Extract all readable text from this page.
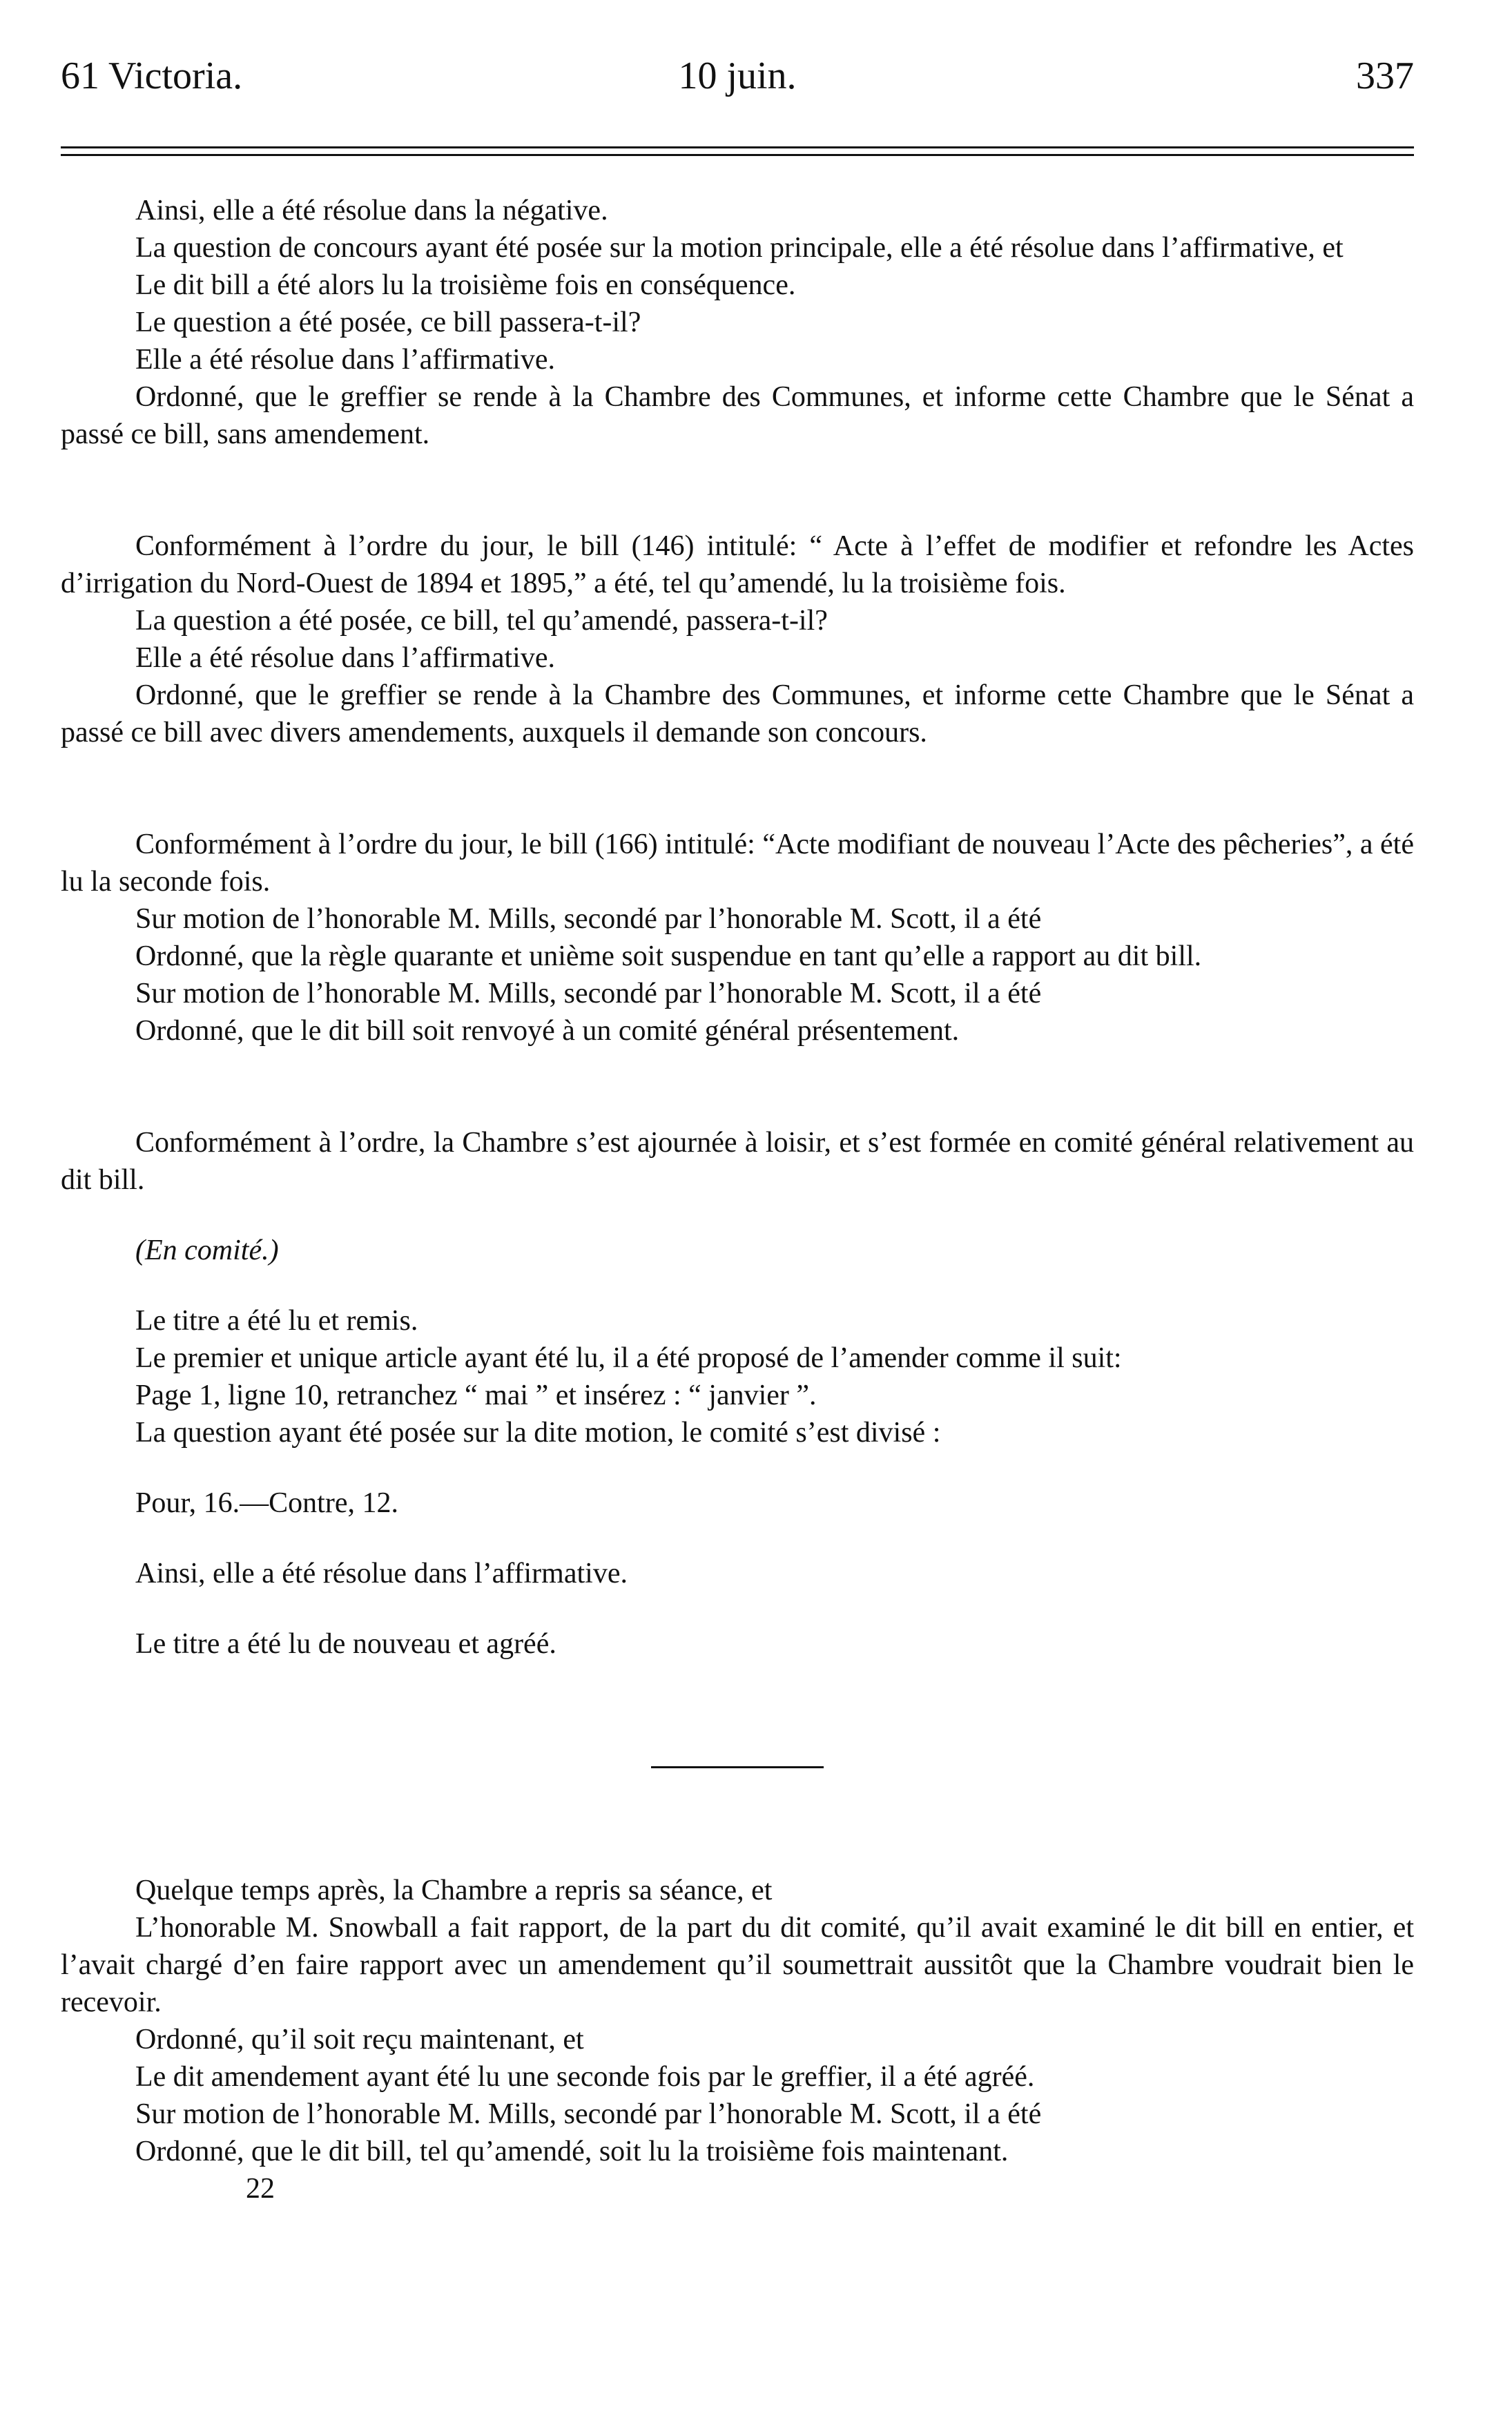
61 Victoria.	10 juin.	337

Ainsi, elle a été résolue dans la négative.

La question de concours ayant été posée sur la motion principale, elle a été résolue dans l’affirmative, et

Le dit bill a été alors lu la troisième fois en conséquence.

Le question a été posée, ce bill passera-t-il?

Elle a été résolue dans l’affirmative.

Ordonné, que le greffier se rende à la Chambre des Communes, et informe cette Chambre que le Sénat a passé ce bill, sans amendement.

Conformément à l’ordre du jour, le bill (146) intitulé: “ Acte à l’effet de modifier et refondre les Actes d’irrigation du Nord-Ouest de 1894 et 1895,” a été, tel qu’amendé, lu la troisième fois.

La question a été posée, ce bill, tel qu’amendé, passera-t-il?

Elle a été résolue dans l’affirmative.

Ordonné, que le greffier se rende à la Chambre des Communes, et informe cette Chambre que le Sénat a passé ce bill avec divers amendements, auxquels il demande son concours.

Conformément à l’ordre du jour, le bill (166) intitulé: “Acte modifiant de nouveau l’Acte des pêcheries”, a été lu la seconde fois.

Sur motion de l’honorable M. Mills, secondé par l’honorable M. Scott, il a été

Ordonné, que la règle quarante et unième soit suspendue en tant qu’elle a rapport au dit bill.

Sur motion de l’honorable M. Mills, secondé par l’honorable M. Scott, il a été

Ordonné, que le dit bill soit renvoyé à un comité général présentement.

Conformément à l’ordre, la Chambre s’est ajournée à loisir, et s’est formée en comité général relativement au dit bill.

(En comité.)

Le titre a été lu et remis.

Le premier et unique article ayant été lu, il a été proposé de l’amender comme il suit:

Page 1, ligne 10, retranchez “ mai ” et insérez : “ janvier ”.

La question ayant été posée sur la dite motion, le comité s’est divisé :

Pour, 16.—Contre, 12.

Ainsi, elle a été résolue dans l’affirmative.

Le titre a été lu de nouveau et agréé.

Quelque temps après, la Chambre a repris sa séance, et

L’honorable M. Snowball a fait rapport, de la part du dit comité, qu’il avait examiné le dit bill en entier, et l’avait chargé d’en faire rapport avec un amendement qu’il soumettrait aussitôt que la Chambre voudrait bien le recevoir.

Ordonné, qu’il soit reçu maintenant, et

Le dit amendement ayant été lu une seconde fois par le greffier, il a été agréé.

Sur motion de l’honorable M. Mills, secondé par l’honorable M. Scott, il a été

Ordonné, que le dit bill, tel qu’amendé, soit lu la troisième fois maintenant.

22
